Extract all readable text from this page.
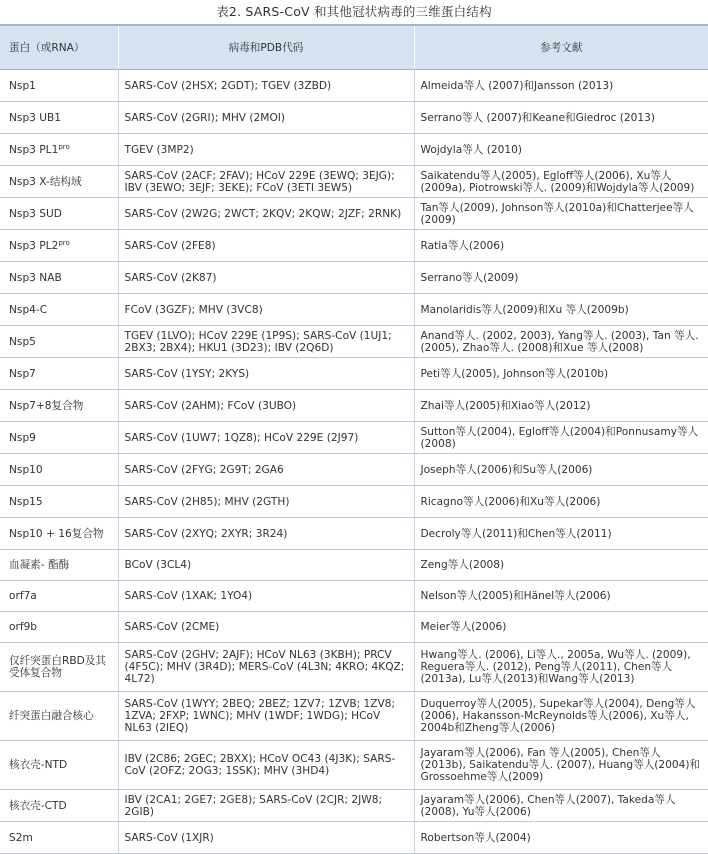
表2. SARS-CoV 和其他冠状病毒的三维蛋白结构
蛋白（或RNA）	病毒和PDB代码	参考文献
Nsp1	SARS-CoV (2HSX; 2GDT); TGEV (3ZBD)	Almeida等人 (2007)和Jansson (2013)
Nsp3 UB1	SARS-CoV (2GRI); MHV (2MOI)	Serrano等人 (2007)和Keane和Giedroc (2013)
Nsp3 $PL1^{pro}$	TGEV (3MP2)	Wojdyla等人 (2010)
Nsp3 X-结构域	SARS-CoV (2ACF; 2FAV); HCoV 229E (3EWQ; 3EJG); IBV (3EWO; 3EJF; 3EKE); FCoV (3ETI 3EW5)	Saikatendu等人(2005), Egloff等人(2006), Xu等人(2009a), Piotrowski等人. (2009)和Wojdyla等人(2009)
Nsp3 SUD	SARS-CoV (2W2G; 2WCT; 2KQV; 2KQW; 2JZF; 2RNK)	Tan等人(2009), Johnson等人(2010a)和Chatterjee等人(2009)
Nsp3 $PL2^{pro}$	SARS-CoV (2FE8)	Ratia等人(2006)
Nsp3 NAB	SARS-CoV (2K87)	Serrano等人(2009)
Nsp4-C	FCoV (3GZF); MHV (3VC8)	Manolaridis等人(2009)和Xu 等人(2009b)
Nsp5	TGEV (1LVO); HCoV 229E (1P9S); SARS-CoV (1UJ1; 2BX3; 2BX4); HKU1 (3D23); IBV (2Q6D)	Anand等人. (2002, 2003), Yang等人. (2003), Tan 等人. (2005), Zhao等人. (2008)和Xue 等人(2008)
Nsp7	SARS-CoV (1YSY; 2KYS)	Peti等人(2005), Johnson等人(2010b)
Nsp7+8复合物	SARS-CoV (2AHM); FCoV (3UBO)	Zhai等人(2005)和Xiao等人(2012)
Nsp9	SARS-CoV (1UW7; 1QZ8); HCoV 229E (2J97)	Sutton等人(2004), Egloff等人(2004)和Ponnusamy等人(2008)
Nsp10	SARS-CoV (2FYG; 2G9T; 2GA6	Joseph等人(2006)和Su等人(2006)
Nsp15	SARS-CoV (2H85); MHV (2GTH)	Ricagno等人(2006)和Xu等人(2006)
Nsp10 + 16复合物	SARS-CoV (2XYQ; 2XYR; 3R24)	Decroly等人(2011)和Chen等人(2011)
血凝素- 酯酶	BCoV (3CL4)	Zeng等人(2008)
orf7a	SARS-CoV (1XAK; 1YO4)	Nelson等人(2005)和Hänel等人(2006)
orf9b	SARS-CoV (2CME)	Meier等人(2006)
仅纤突蛋白RBD及其受体复合物	SARS-CoV (2GHV; 2AJF); HCoV NL63 (3KBH); PRCV (4F5C); MHV (3R4D); MERS-CoV (4L3N; 4KRO; 4KQZ; 4L72)	Hwang等人. (2006), Li等人., 2005a, Wu等人. (2009), Reguera等人. (2012), Peng等人(2011), Chen等人(2013a), Lu等人(2013)和Wang等人(2013)
纤突蛋白融合核心	SARS-CoV (1WYY; 2BEQ; 2BEZ; 1ZV7; 1ZVB; 1ZV8; 1ZVA; 2FXP; 1WNC); MHV (1WDF; 1WDG); HCoV NL63 (2IEQ)	Duquerroy等人(2005), Supekar等人(2004), Deng等人(2006), Hakansson-McReynolds等人(2006), Xu等人, 2004b和Zheng等人(2006)
核衣壳-NTD	IBV (2C86; 2GEC; 2BXX); HCoV OC43 (4J3K); SARS-CoV (2OFZ; 2OG3; 1SSK); MHV (3HD4)	Jayaram等人(2006), Fan 等人(2005), Chen等人(2013b), Saikatendu等人. (2007), Huang等人(2004)和Grossoehme等人(2009)
核衣壳-CTD	IBV (2CA1; 2GE7; 2GE8); SARS-CoV (2CJR; 2JW8; 2GIB)	Jayaram等人(2006), Chen等人(2007), Takeda等人(2008), Yu等人(2006)
S2m	SARS-CoV (1XJR)	Robertson等人(2004)
